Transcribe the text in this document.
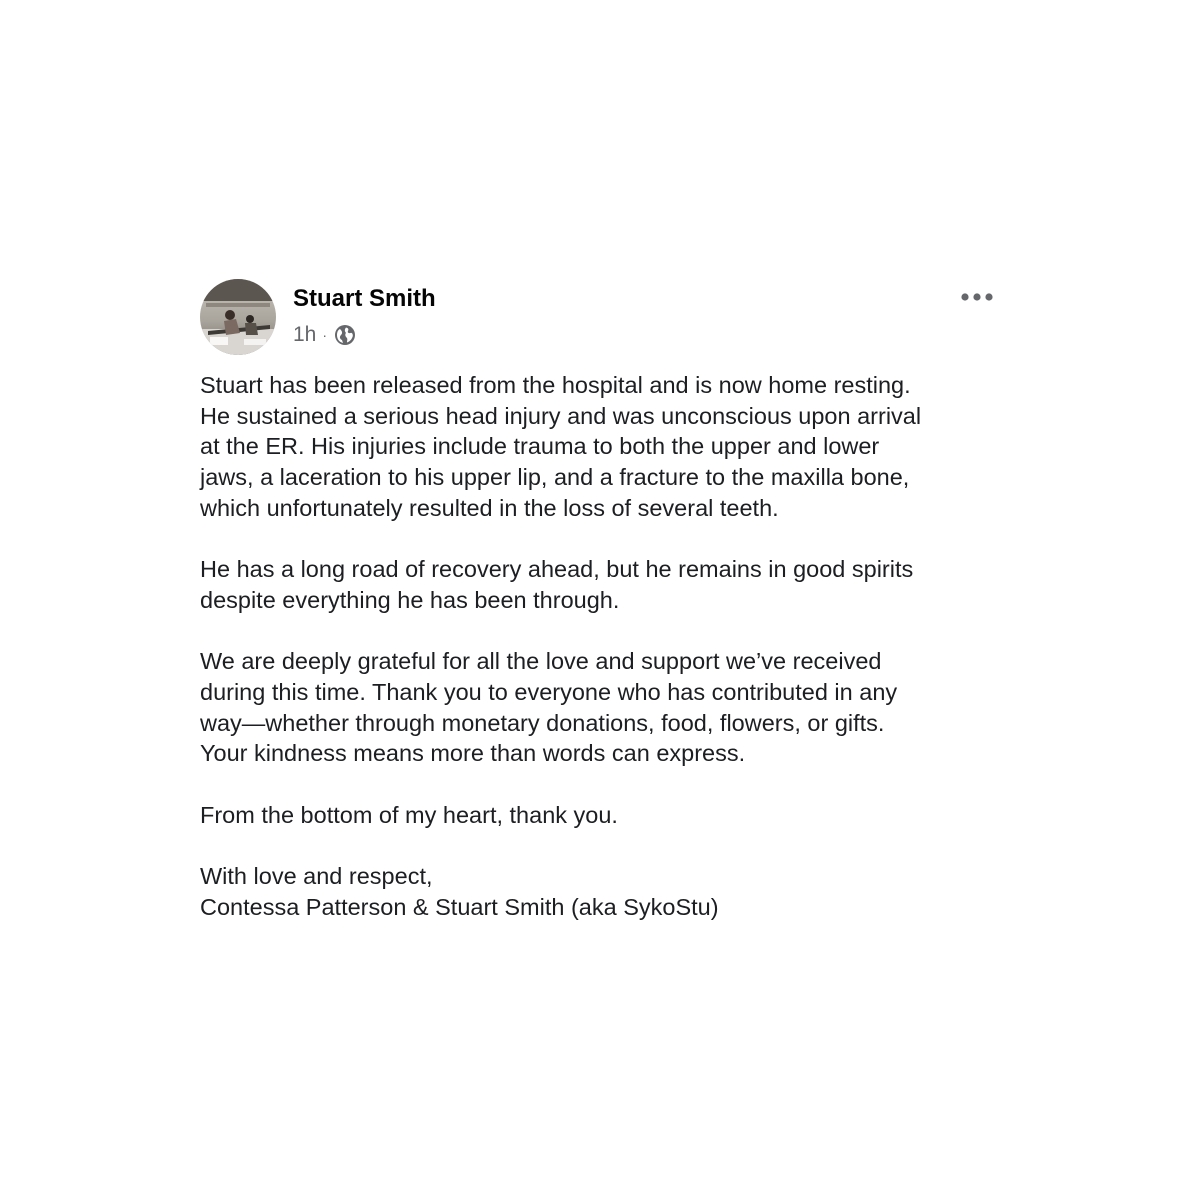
⋯	Stuart Smith
1h ·

Stuart has been released from the hospital and is now home resting.
He sustained a serious head injury and was unconscious upon arrival
at the ER. His injuries include trauma to both the upper and lower
jaws, a laceration to his upper lip, and a fracture to the maxilla bone,
which unfortunately resulted in the loss of several teeth.

He has a long road of recovery ahead, but he remains in good spirits
despite everything he has been through.

We are deeply grateful for all the love and support we’ve received
during this time. Thank you to everyone who has contributed in any
way—whether through monetary donations, food, flowers, or gifts.
Your kindness means more than words can express.

From the bottom of my heart, thank you.

With love and respect,
Contessa Patterson & Stuart Smith (aka SykoStu)
